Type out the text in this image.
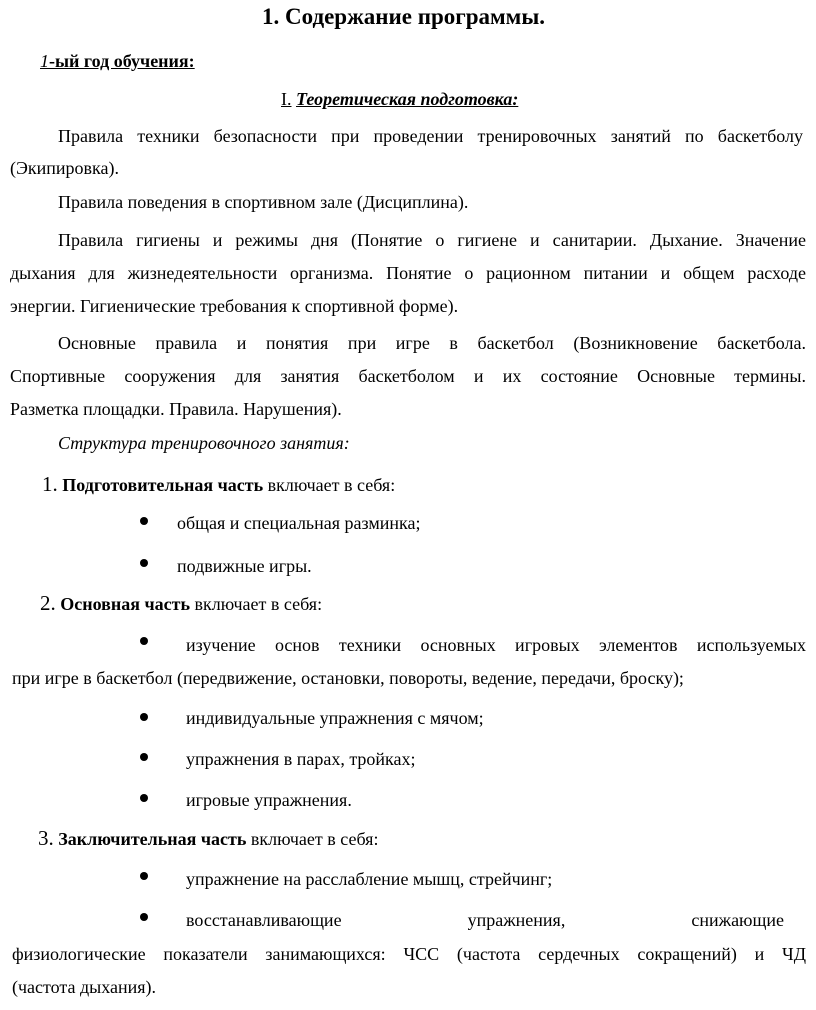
1. Содержание программы.
1-ый год обучения:
I. Теоретическая подготовка:
Правила техники безопасности при проведении тренировочных занятий по баскетболу
(Экипировка).
Правила поведения в спортивном зале (Дисциплина).
Правила гигиены и режимы дня (Понятие о гигиене и санитарии. Дыхание. Значение
дыхания для жизнедеятельности организма. Понятие о рационном питании и общем расходе
энергии. Гигиенические требования к спортивной форме).
Основные правила и понятия при игре в баскетбол (Возникновение баскетбола.
Спортивные сооружения для занятия баскетболом и их состояние Основные термины.
Разметка площадки. Правила. Нарушения).
Структура тренировочного занятия:
1. Подготовительная часть включает в себя:
общая и специальная разминка;
подвижные игры.
2. Основная часть включает в себя:
изучение основ техники основных игровых элементов используемых
при игре в баскетбол (передвижение, остановки, повороты, ведение, передачи, броску);
индивидуальные упражнения с мячом;
упражнения в парах, тройках;
игровые упражнения.
3. Заключительная часть включает в себя:
упражнение на расслабление мышц, стрейчинг;
восстанавливающие упражнения, снижающие
физиологические показатели занимающихся: ЧСС (частота сердечных сокращений) и ЧД
(частота дыхания).
